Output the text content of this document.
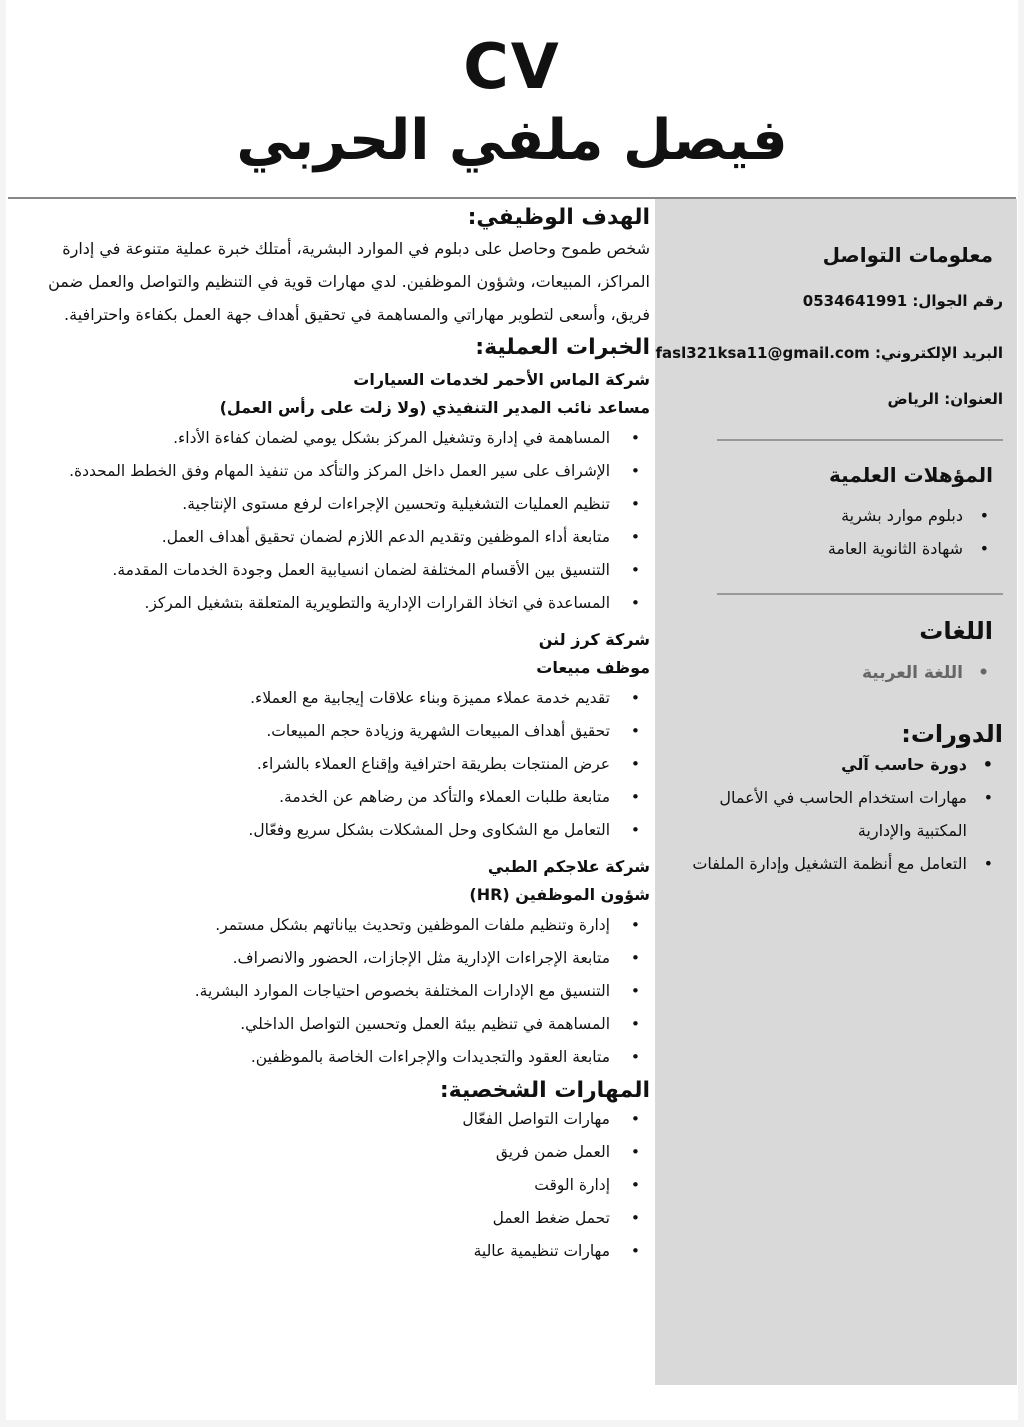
CV
فيصل ملفي الحربي
معلومات التواصل
رقم الجوال: 0534641991
البريد الإلكتروني: fasl321ksa11@gmail.com
العنوان: الرياض
المؤهلات العلمية
• دبلوم موارد بشرية
• شهادة الثانوية العامة
اللغات
• اللغة العربية
الدورات:
• دورة حاسب آلي
• مهارات استخدام الحاسب في الأعمال المكتبية والإدارية
• التعامل مع أنظمة التشغيل وإدارة الملفات
الهدف الوظيفي:

شخص طموح وحاصل على دبلوم في الموارد البشرية، أمتلك خبرة عملية متنوعة في إدارة المراكز، المبيعات، وشؤون الموظفين. لدي مهارات قوية في التنظيم والتواصل والعمل ضمن فريق، وأسعى لتطوير مهاراتي والمساهمة في تحقيق أهداف جهة العمل بكفاءة واحترافية.

الخبرات العملية:
شركة الماس الأحمر لخدمات السيارات
مساعد نائب المدير التنفيذي (ولا زلت على رأس العمل)
• المساهمة في إدارة وتشغيل المركز بشكل يومي لضمان كفاءة الأداء.
• الإشراف على سير العمل داخل المركز والتأكد من تنفيذ المهام وفق الخطط المحددة.
• تنظيم العمليات التشغيلية وتحسين الإجراءات لرفع مستوى الإنتاجية.
• متابعة أداء الموظفين وتقديم الدعم اللازم لضمان تحقيق أهداف العمل.
• التنسيق بين الأقسام المختلفة لضمان انسيابية العمل وجودة الخدمات المقدمة.
• المساعدة في اتخاذ القرارات الإدارية والتطويرية المتعلقة بتشغيل المركز.
شركة كرز لنن
موظف مبيعات
• تقديم خدمة عملاء مميزة وبناء علاقات إيجابية مع العملاء.
• تحقيق أهداف المبيعات الشهرية وزيادة حجم المبيعات.
• عرض المنتجات بطريقة احترافية وإقناع العملاء بالشراء.
• متابعة طلبات العملاء والتأكد من رضاهم عن الخدمة.
• التعامل مع الشكاوى وحل المشكلات بشكل سريع وفعّال.
شركة علاجكم الطبي
شؤون الموظفين (HR)
• إدارة وتنظيم ملفات الموظفين وتحديث بياناتهم بشكل مستمر.
• متابعة الإجراءات الإدارية مثل الإجازات، الحضور والانصراف.
• التنسيق مع الإدارات المختلفة بخصوص احتياجات الموارد البشرية.
• المساهمة في تنظيم بيئة العمل وتحسين التواصل الداخلي.
• متابعة العقود والتجديدات والإجراءات الخاصة بالموظفين.
المهارات الشخصية:
• مهارات التواصل الفعّال
• العمل ضمن فريق
• إدارة الوقت
• تحمل ضغط العمل
• مهارات تنظيمية عالية
